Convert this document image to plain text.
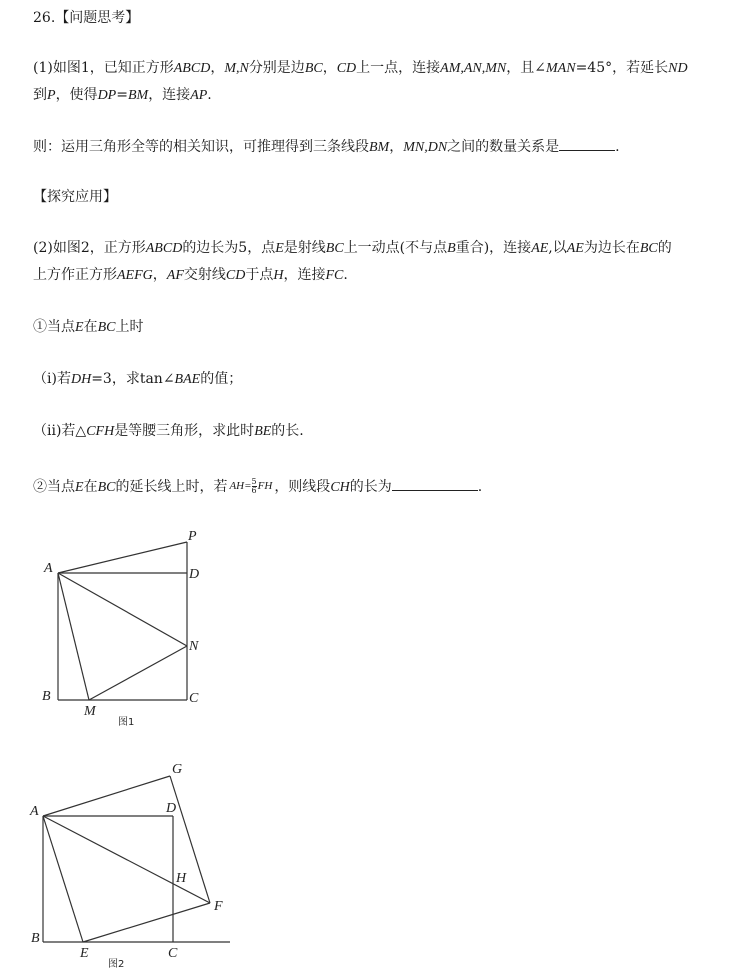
26.【问题思考】
(1)如图1，已知正方形ABCD，M,N分别是边BC，CD上一点，连接AM,AN,MN，且∠MAN=45°，若延长ND
到P，使得DP=BM，连接AP.
则：运用三角形全等的相关知识，可推理得到三条线段BM，MN,DN之间的数量关系是	.
【探究应用】
(2)如图2，正方形ABCD的边长为5，点E是射线BC上一动点(不与点B重合)，连接AE,以AE为边长在BC的
上方作正方形AEFG，AF交射线CD于点H，连接FC.
①当点E在BC上时
（i)若DH=3，求tan∠BAE的值；
（ii)若△CFH是等腰三角形，求此时BE的长.
②当点E在BC的延长线上时，若 $AH= \frac{5}{6}$ FH ，则线段CH的长为	.
P
A	D
N
B	C
M
图1
G
A	D
H
F
B
E	C
图2
